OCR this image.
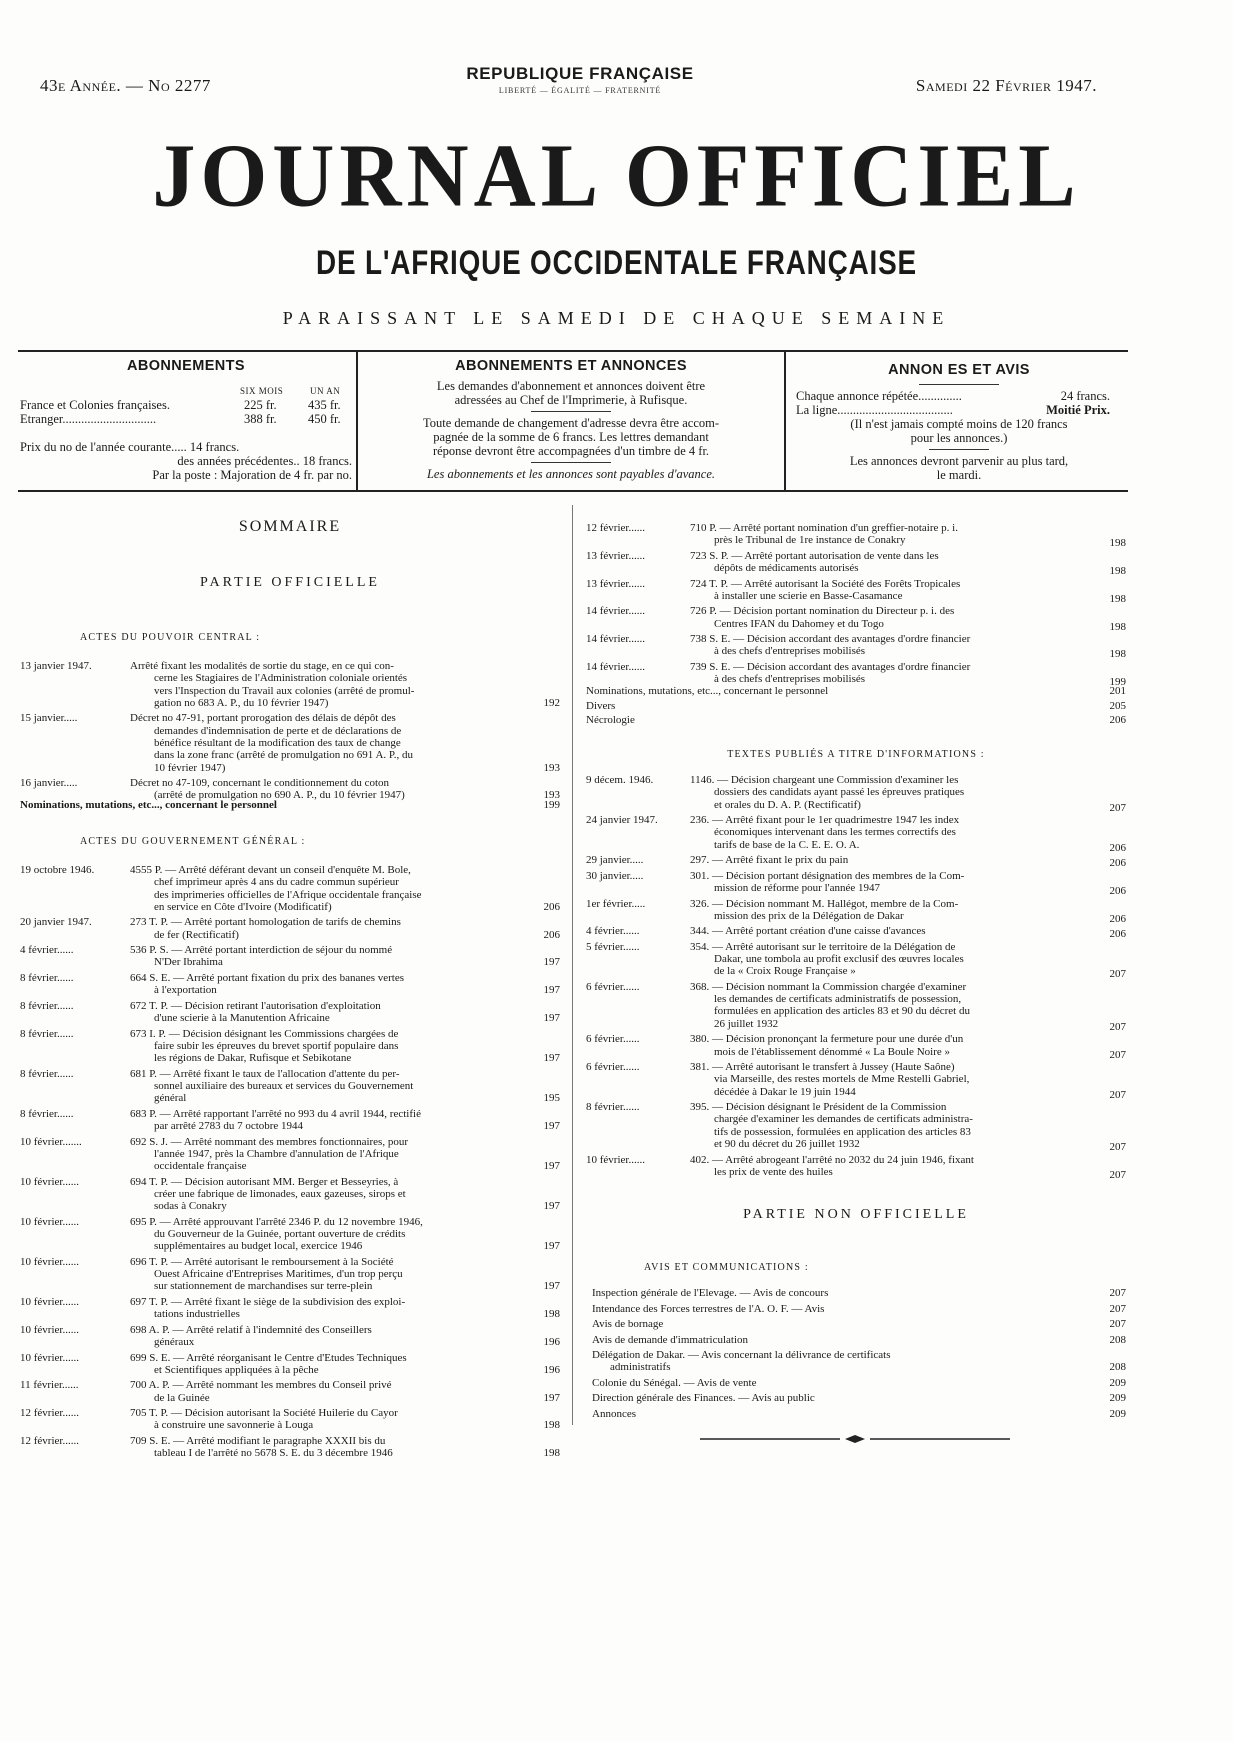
43e Année. — No 2277
REPUBLIQUE FRANÇAISE
LIBERTÉ — ÉGALITÉ — FRATERNITÉ	Samedi 22 Février 1947.
JOURNAL OFFICIEL
DE L'AFRIQUE OCCIDENTALE FRANÇAISE
PARAISSANT LE SAMEDI DE CHAQUE SEMAINE
ABONNEMENTS
SIX MOIS	UN AN
France et Colonies françaises.	225 fr.	435 fr.
Etranger..............................	388 fr.	450 fr.
Prix du no de l'année courante..... 14 francs.
des années précédentes.. 18 francs.
Par la poste : Majoration de 4 fr. par no.
ABONNEMENTS ET ANNONCES
Les demandes d'abonnement et annonces doivent être
adressées au Chef de l'Imprimerie, à Rufisque.
Toute demande de changement d'adresse devra être accom-
pagnée de la somme de 6 francs. Les lettres demandant
réponse devront être accompagnées d'un timbre de 4 fr.
Les abonnements et les annonces sont payables d'avance.
ANNON ES ET AVIS
Chaque annonce répétée..............	24 francs.
La ligne.....................................	Moitié Prix.
(Il n'est jamais compté moins de 120 francs
pour les annonces.)
Les annonces devront parvenir au plus tard,
le mardi.
SOMMAIRE
PARTIE OFFICIELLE
ACTES DU POUVOIR CENTRAL :
ACTES DU GOUVERNEMENT GÉNÉRAL :
Nominations, mutations, etc..., concernant le personnel	199
TEXTES PUBLIÉS A TITRE D'INFORMATIONS :
PARTIE NON OFFICIELLE
AVIS ET COMMUNICATIONS :
13 janvier 1947.	Arrêté fixant les modalités de sortie du stage, en ce qui con-
cerne les Stagiaires de l'Administration coloniale orientés
vers l'Inspection du Travail aux colonies (arrêté de promul-
gation no 683 A. P., du 10 février 1947)	192
15 janvier.....	Décret no 47-91, portant prorogation des délais de dépôt des
demandes d'indemnisation de perte et de déclarations de
bénéfice résultant de la modification des taux de change
dans la zone franc (arrêté de promulgation no 691 A. P., du
10 février 1947)	193
16 janvier.....	Décret no 47-109, concernant le conditionnement du coton
(arrêté de promulgation no 690 A. P., du 10 février 1947)	193
19 octobre 1946.	4555 P. — Arrêté déférant devant un conseil d'enquête M. Bole,
chef imprimeur après 4 ans du cadre commun supérieur
des imprimeries officielles de l'Afrique occidentale française
en service en Côte d'Ivoire (Modificatif)	206
20 janvier 1947.	273 T. P. — Arrêté portant homologation de tarifs de chemins
de fer (Rectificatif)	206
4 février......	536 P. S. — Arrêté portant interdiction de séjour du nommé
N'Der Ibrahima	197
8 février......	664 S. E. — Arrêté portant fixation du prix des bananes vertes
à l'exportation	197
8 février......	672 T. P. — Décision retirant l'autorisation d'exploitation
d'une scierie à la Manutention Africaine	197
8 février......	673 I. P. — Décision désignant les Commissions chargées de
faire subir les épreuves du brevet sportif populaire dans
les régions de Dakar, Rufisque et Sebikotane	197
8 février......	681 P. — Arrêté fixant le taux de l'allocation d'attente du per-
sonnel auxiliaire des bureaux et services du Gouvernement
général	195
8 février......	683 P. — Arrêté rapportant l'arrêté no 993 du 4 avril 1944, rectifié
par arrêté 2783 du 7 octobre 1944	197
10 février.......	692 S. J. — Arrêté nommant des membres fonctionnaires, pour
l'année 1947, près la Chambre d'annulation de l'Afrique
occidentale française	197
10 février......	694 T. P. — Décision autorisant MM. Berger et Besseyries, à
créer une fabrique de limonades, eaux gazeuses, sirops et
sodas à Conakry	197
10 février......	695 P. — Arrêté approuvant l'arrêté 2346 P. du 12 novembre 1946,
du Gouverneur de la Guinée, portant ouverture de crédits
supplémentaires au budget local, exercice 1946	197
10 février......	696 T. P. — Arrêté autorisant le remboursement à la Société
Ouest Africaine d'Entreprises Maritimes, d'un trop perçu
sur stationnement de marchandises sur terre-plein	197
10 février......	697 T. P. — Arrêté fixant le siège de la subdivision des exploi-
tations industrielles	198
10 février......	698 A. P. — Arrêté relatif à l'indemnité des Conseillers
généraux	196
10 février......	699 S. E. — Arrêté réorganisant le Centre d'Etudes Techniques
et Scientifiques appliquées à la pêche	196
11 février......	700 A. P. — Arrêté nommant les membres du Conseil privé
de la Guinée	197
12 février......	705 T. P. — Décision autorisant la Société Huilerie du Cayor
à construire une savonnerie à Louga	198
12 février......	709 S. E. — Arrêté modifiant le paragraphe XXXII bis du
tableau I de l'arrêté no 5678 S. E. du 3 décembre 1946	198
12 février......	710 P. — Arrêté portant nomination d'un greffier-notaire p. i.
près le Tribunal de 1re instance de Conakry	198
13 février......	723 S. P. — Arrêté portant autorisation de vente dans les
dépôts de médicaments autorisés	198
13 février......	724 T. P. — Arrêté autorisant la Société des Forêts Tropicales
à installer une scierie en Basse-Casamance	198
14 février......	726 P. — Décision portant nomination du Directeur p. i. des
Centres IFAN du Dahomey et du Togo	198
14 février......	738 S. E. — Décision accordant des avantages d'ordre financier
à des chefs d'entreprises mobilisés	198
14 février......	739 S. E. — Décision accordant des avantages d'ordre financier
à des chefs d'entreprises mobilisés	199
Nominations, mutations, etc..., concernant le personnel	201
Divers	205
Nécrologie	206
9 décem. 1946.	1146. — Décision chargeant une Commission d'examiner les
dossiers des candidats ayant passé les épreuves pratiques
et orales du D. A. P. (Rectificatif)	207
24 janvier 1947.	236. — Arrêté fixant pour le 1er quadrimestre 1947 les index
économiques intervenant dans les termes correctifs des
tarifs de base de la C. E. E. O. A.	206
29 janvier.....	297. — Arrêté fixant le prix du pain	206
30 janvier.....	301. — Décision portant désignation des membres de la Com-
mission de réforme pour l'année 1947	206
1er février.....	326. — Décision nommant M. Hallégot, membre de la Com-
mission des prix de la Délégation de Dakar	206
4 février......	344. — Arrêté portant création d'une caisse d'avances	206
5 février......	354. — Arrêté autorisant sur le territoire de la Délégation de
Dakar, une tombola au profit exclusif des œuvres locales
de la « Croix Rouge Française »	207
6 février......	368. — Décision nommant la Commission chargée d'examiner
les demandes de certificats administratifs de possession,
formulées en application des articles 83 et 90 du décret du
26 juillet 1932	207
6 février......	380. — Décision prononçant la fermeture pour une durée d'un
mois de l'établissement dénommé « La Boule Noire »	207
6 février......	381. — Arrêté autorisant le transfert à Jussey (Haute Saône)
via Marseille, des restes mortels de Mme Restelli Gabriel,
décédée à Dakar le 19 juin 1944	207
8 février......	395. — Décision désignant le Président de la Commission
chargée d'examiner les demandes de certificats administra-
tifs de possession, formulées en application des articles 83
et 90 du décret du 26 juillet 1932	207
10 février......	402. — Arrêté abrogeant l'arrêté no 2032 du 24 juin 1946, fixant
les prix de vente des huiles	207
Inspection générale de l'Elevage. — Avis de concours	207
Intendance des Forces terrestres de l'A. O. F. — Avis	207
Avis de bornage	207
Avis de demande d'immatriculation	208
Délégation de Dakar. — Avis concernant la délivrance de certificats
administratifs	208
Colonie du Sénégal. — Avis de vente	209
Direction générale des Finances. — Avis au public	209
Annonces	209
